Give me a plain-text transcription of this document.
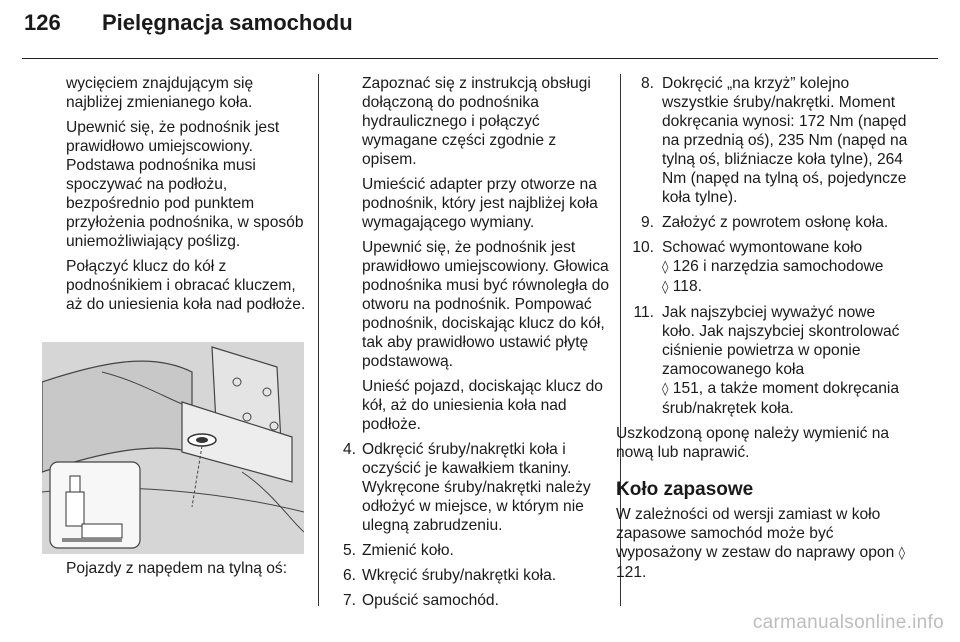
126 Pielęgnacja samochodu

wycięciem znajdującym się najbliżej zmienianego koła.

Upewnić się, że podnośnik jest prawidłowo umiejscowiony. Podstawa podnośnika musi spoczywać na podłożu, bezpośrednio pod punktem przyłożenia podnośnika, w sposób uniemożliwiający poślizg.

Połączyć klucz do kół z podnośnikiem i obracać kluczem, aż do uniesienia koła nad podłoże.

Pojazdy z napędem na tylną oś:

Zapoznać się z instrukcją obsługi dołączoną do podnośnika hydraulicznego i połączyć wymagane części zgodnie z opisem.

Umieścić adapter przy otworze na podnośnik, który jest najbliżej koła wymagającego wymiany.

Upewnić się, że podnośnik jest prawidłowo umiejscowiony. Głowica podnośnika musi być równoległa do otworu na podnośnik. Pompować podnośnik, dociskając klucz do kół, tak aby prawidłowo ustawić płytę podstawową.

Unieść pojazd, dociskając klucz do kół, aż do uniesienia koła nad podłoże.

4. Odkręcić śruby/nakrętki koła i oczyścić je kawałkiem tkaniny.

Wykręcone śruby/nakrętki należy odłożyć w miejsce, w którym nie ulegną zabrudzeniu.

5. Zmienić koło.
6. Wkręcić śruby/nakrętki koła.
7. Opuścić samochód.
8. Dokręcić „na krzyż” kolejno wszystkie śruby/nakrętki. Moment dokręcania wynosi: 172 Nm (napęd na przednią oś), 235 Nm (napęd na tylną oś, bliźniacze koła tylne), 264 Nm (napęd na tylną oś, pojedyncze koła tylne).
9. Założyć z powrotem osłonę koła.
10. Schować wymontowane koło
◊ 126 i narzędzia samochodowe
◊ 118.
11. Jak najszybciej wyważyć nowe koło. Jak najszybciej skontrolować ciśnienie powietrza w oponie zamocowanego koła
◊ 151, a także moment dokręcania śrub/nakrętek koła.

Uszkodzoną oponę należy wymienić na nową lub naprawić.

Koło zapasowe

W zależności od wersji zamiast w koło zapasowe samochód może być wyposażony w zestaw do naprawy opon ◊ 121.

carmanualsonline.info
